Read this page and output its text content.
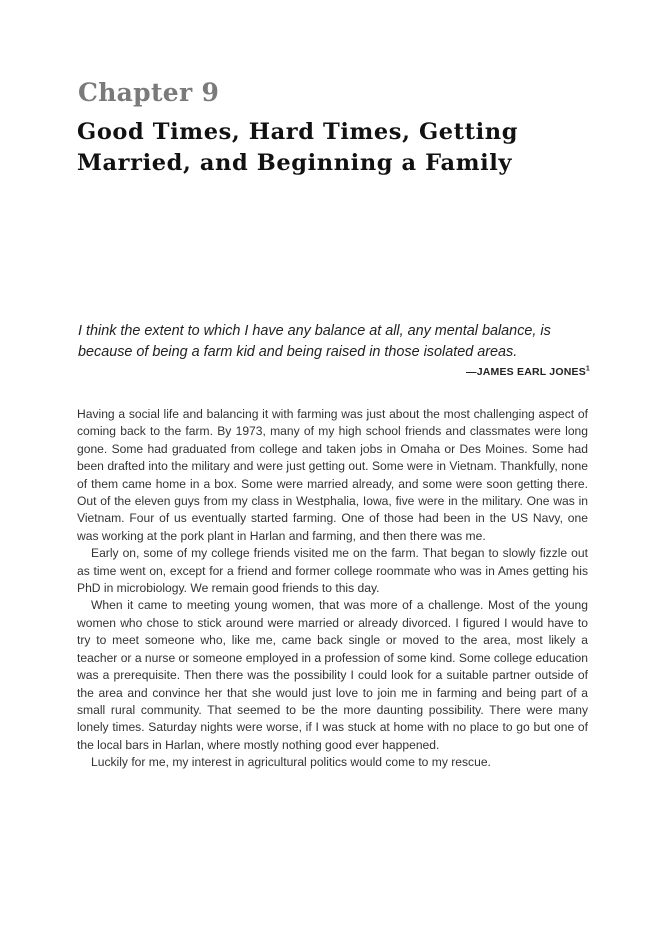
Chapter 9
Good Times, Hard Times, Getting Married, and Beginning a Family

I think the extent to which I have any balance at all, any mental balance, is because of being a farm kid and being raised in those isolated areas.

—JAMES EARL JONES$^1$

Having a social life and balancing it with farming was just about the most challenging aspect of coming back to the farm. By 1973, many of my high school friends and classmates were long gone. Some had graduated from college and taken jobs in Omaha or Des Moines. Some had been drafted into the military and were just getting out. Some were in Vietnam. Thankfully, none of them came home in a box. Some were married already, and some were soon getting there. Out of the eleven guys from my class in Westphalia, Iowa, five were in the military. One was in Vietnam. Four of us eventually started farming. One of those had been in the US Navy, one was working at the pork plant in Harlan and farming, and then there was me.

Early on, some of my college friends visited me on the farm. That began to slowly fizzle out as time went on, except for a friend and former college roommate who was in Ames getting his PhD in microbiology. We remain good friends to this day.

When it came to meeting young women, that was more of a challenge. Most of the young women who chose to stick around were married or already divorced. I figured I would have to try to meet someone who, like me, came back single or moved to the area, most likely a teacher or a nurse or someone employed in a profession of some kind. Some college education was a prerequisite. Then there was the possibility I could look for a suitable partner outside of the area and convince her that she would just love to join me in farming and being part of a small rural community. That seemed to be the more daunting possibility. There were many lonely times. Saturday nights were worse, if I was stuck at home with no place to go but one of the local bars in Harlan, where mostly nothing good ever happened.

Luckily for me, my interest in agricultural politics would come to my rescue.
